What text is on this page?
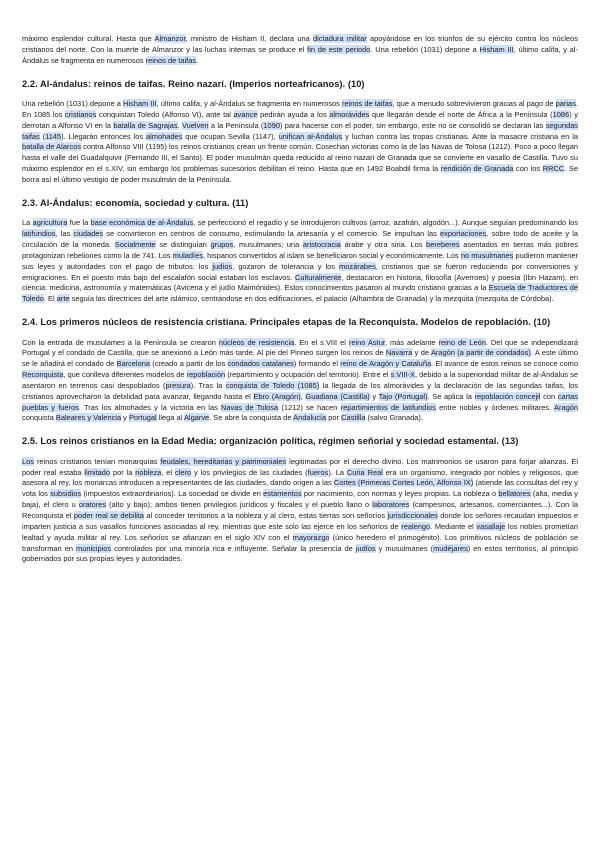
máximo esplendor cultural. Hasta que Almanzor, ministro de Hisham II, declara una dictadura militar apoyándose en los triunfos de su ejército contra los núcleos cristianos del norte. Con la muerte de Almanzor y las luchas internas se produce el fin de este periodo. Una rebelión (1031) depone a Hisham III, último califa, y al-Ándalus se fragmenta en numerosos reinos de taifas.

2.2. Al-ándalus: reinos de taifas. Reino nazarí. (Imperios norteafricanos). (10)

Una rebelión (1031) depone a Hisham III, último califa, y al-Ándalus se fragmenta en numerosos reinos de taifas, que a menudo sobrevivieron gracias al pago de parias. En 1085 los cristianos conquistan Toledo (Alfonso VI), ante tal avance pedirán ayuda a los almorávides que llegarán desde el norte de África a la Península (1086) y derrotan a Alfonso VI en la batalla de Sagrajas. Vuelven a la Península (1090) para hacerse con el poder, sin embargo, este no se consolidó se declaran las segundas taifas (1145). Llegarán entonces los almohades que ocupan Sevilla (1147), unifican al-Ándalus y luchan contra las tropas cristianas. Ante la masacre cristiana en la batalla de Alarcos contra Alfonso VIII (1195) los reinos cristianos crean un frente común. Cosechan victorias como la de las Navas de Tolosa (1212). Poco a poco llegan hasta el valle del Guadalquivir (Fernando III, el Santo). El poder musulmán queda reducido al reino nazarí de Granada que se convierte en vasallo de Castilla. Tuvo su máximo esplendor en el s.XIV, sin embargo los problemas sucesorios debilitan el reino. Hasta que en 1492 Boabdil firma la rendición de Granada con los RRCC. Se borra así el último vestigio de poder musulmán de la Península.

2.3. Al-Ándalus: economía, sociedad y cultura. (11)

La agricultura fue la base económica de al-Ándalus, se perfeccionó el regadío y se introdujeron cultivos (arroz, azafrán, algodón...). Aunque seguían predominando los latifundios, las ciudades se convirtieron en centros de consumo, estimulando la artesanía y el comercio. Se impulsan las exportaciones, sobre todo de aceite y la circulación de la moneda. Socialmente se distinguían grupos, musulmanes; una aristocracia árabe y otra siria. Los bereberes asentados en tierras más pobres protagonizan rebeliones como la de 741. Los muladíes, hispanos convertidos al islam se beneficiaron social y económicamente. Los no musulmanes pudieron mantener sus leyes y autoridades con el pago de tributos: los judíos, gozaron de tolerancia y los mozárabes, cristianos que se fueron reduciendo por conversiones y emigraciones. En el puesto más bajo del escalafón social estaban los esclavos. Culturalmente, destacaron en historia, filosofía (Averroes) y poesía (Ibn Hazam), en ciencia: medicina, astronomía y matemáticas (Avicena y el judío Maimónides). Estos conocimientos pasaron al mundo cristiano gracias a la Escuela de Traductores de Toledo. El arte seguía las directrices del arte islámico, centrándose en dos edificaciones, el palacio (Alhambra de Granada) y la mezquita (mezquita de Córdoba).

2.4. Los primeros núcleos de resistencia cristiana. Principales etapas de la Reconquista. Modelos de repoblación. (10)

Con la entrada de musulames a la Península se crearon núcleos de resistencia. En el s.VIII el reino Astur, más adelante reino de León. Del que se independizará Portugal y el condado de Castilla, que se anexionó a León más tarde. Al pie del Pirineo surgen los reinos de Navarra y de Aragón (a partir de condados). A este último se le añadirá el condado de Barcelona (creado a partir de los condados catalanes) formando el reino de Aragón y Cataluña. El avance de estos reinos se conoce como Reconquista, que conlleva diferentes modelos de repoblación (repartimiento y ocupación del territorio). Entre el s.VIII-X, debido a la superioridad militar de al-Ándalus se asentaron en terrenos casi despoblados (presura). Tras la conquista de Toledo (1085) la llegada de los almorávides y la declaración de las segundas taifas, los cristianos aprovecharon la debilidad para avanzar, llegando hasta el Ebro (Aragón), Guadiana (Castilla) y Tajo (Portugal). Se aplica la repoblación concejil con cartas pueblas y fueros. Tras los almohades y la victoria en las Navas de Tolosa (1212) se hacen repartimientos de latifundios entre nobles y órdenes militares. Aragón conquista Baleares y Valencia y Portugal llega al Algarve. Se abre la conquista de Andalucía por Castilla (salvo Granada).

2.5. Los reinos cristianos en la Edad Media: organización política, régimen señorial y sociedad estamental. (13)

Los reinos cristianos tenían monarquías feudales, hereditarias y patrimoniales legitimadas por el derecho divino. Los matrimonios se usaron para forjar alianzas. El poder real estaba limitado por la nobleza, el clero y los privilegios de las ciudades (fueros). La Curia Real era un organismo, integrado por nobles y religiosos, que asesora al rey, los monarcas introducen a representantes de las ciudades, dando origen a las Cortes (Primeras Cortes León, Alfonso IX) (atiende las consultas del rey y vota los subsidios (impuestos extraordinarios). La sociedad se divide en estamentos por nacimiento, con normas y leyes propias. La nobleza o bellatores (alta, media y baja), el clero u oratores (alto y bajo); ambos tienen privilegios jurídicos y fiscales y el pueblo llano o laboratores (campesinos, artesanos, comerciantes...). Con la Reconquista el poder real se debilita al conceder territorios a la nobleza y al clero, estas tierras son señoríos jurisdiccionales donde los señores recaudan impuestos e imparten justicia a sus vasallos funciones asociadas al rey, mientras que este solo las ejerce en los señoríos de realengo. Mediante el vasallaje los nobles prometían lealtad y ayuda militar al rey. Los señoríos se afianzan en el siglo XIV con el mayorazgo (único heredero el primogénito). Los primitivos núcleos de población se transforman en municipios controlados por una minoría rica e influyente. Señalar la presencia de judíos y musulmanes (mudéjares) en estos territorios, al principio gobernados por sus propias leyes y autoridades.
